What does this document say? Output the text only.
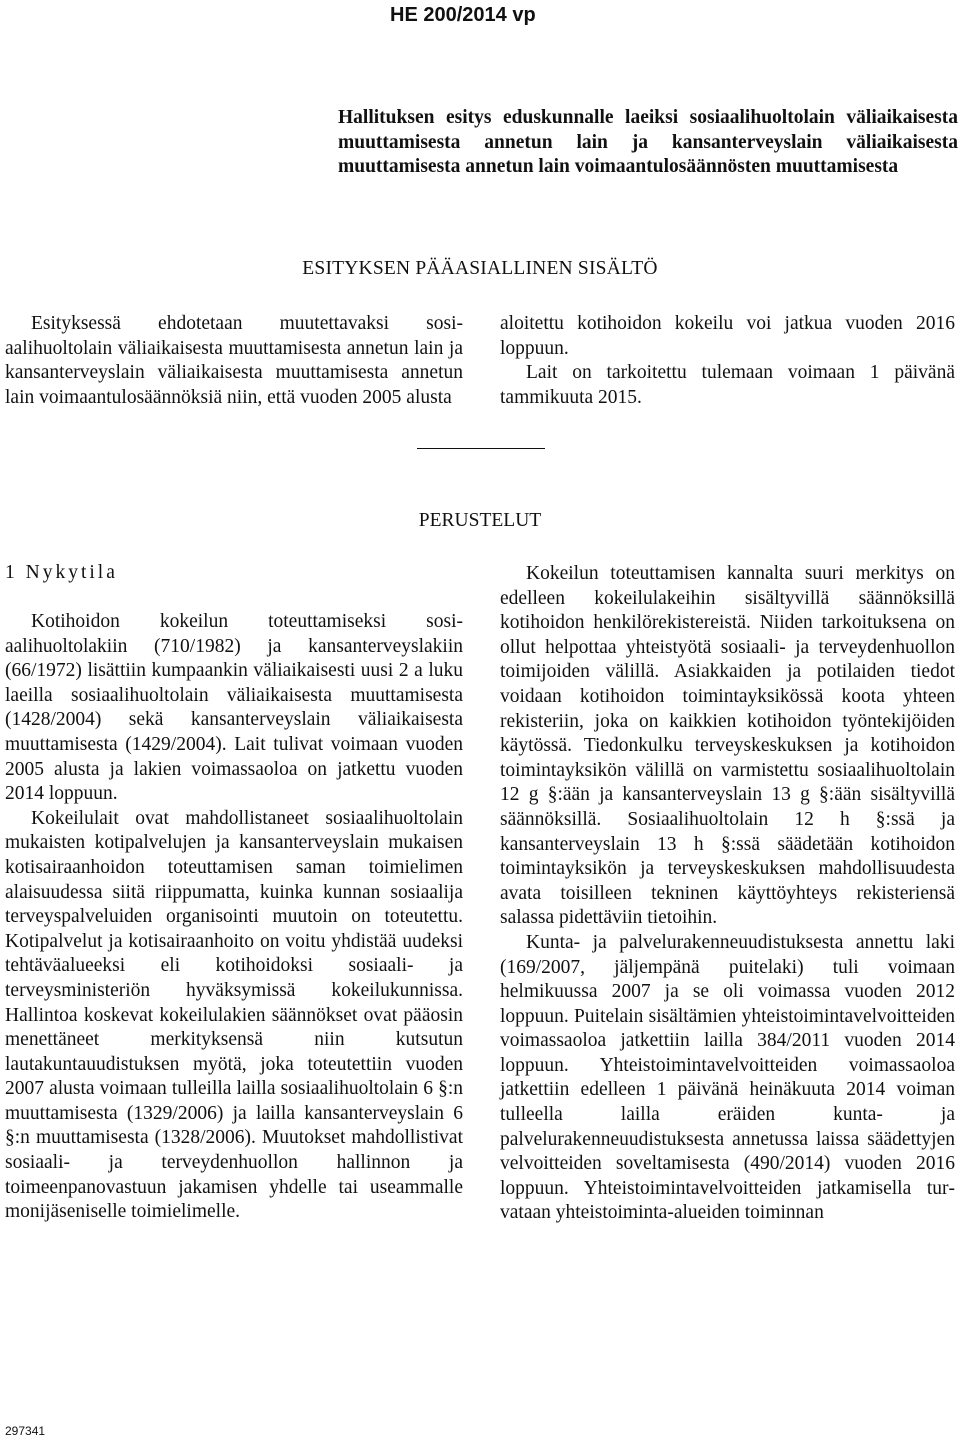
HE 200/2014 vp
Hallituksen esitys eduskunnalle laeiksi sosiaalihuoltolain väliaikaisesta muuttamisesta annetun lain ja kansanterveyslain väliaikaisesta muuttamisesta annetun lain voimaantulosäännösten muuttamisesta
ESITYKSEN PÄÄASIALLINEN SISÄLTÖ

Esityksessä ehdotetaan muutettavaksi sosiaalihuoltolain väliaikaisesta muuttamisesta annetun lain ja kansanterveyslain väliaikaisesta muuttamisesta annetun lain voimaantulosäännöksiä niin, että vuoden 2005 alusta

aloitettu kotihoidon kokeilu voi jatkua vuoden 2016 loppuun.

Lait on tarkoitettu tulemaan voimaan 1 päivänä tammikuuta 2015.

PERUSTELUT
1 Nykytila

Kotihoidon kokeilun toteuttamiseksi sosiaalihuoltolakiin (710/1982) ja kansanterveyslakiin (66/1972) lisättiin kumpaankin väliaikaisesti uusi 2 a luku laeilla sosiaalihuoltolain väliaikaisesta muuttamisesta (1428/2004) sekä kansanterveyslain väliaikaisesta muuttamisesta (1429/2004). Lait tulivat voimaan vuoden 2005 alusta ja lakien voimassaoloa on jatkettu vuoden 2014 loppuun.

Kokeilulait ovat mahdollistaneet sosiaalihuoltolain mukaisten kotipalvelujen ja kansanterveyslain mukaisen kotisairaanhoidon toteuttamisen saman toimielimen alaisuudessa siitä riippumatta, kuinka kunnan sosiaalija terveyspalveluiden organisointi muutoin on toteutettu. Kotipalvelut ja kotisairaanhoito on voitu yhdistää uudeksi tehtäväalueeksi eli kotihoidoksi sosiaali- ja terveysministeriön hyväksymissä kokeilukunnissa. Hallintoa koskevat kokeilulakien säännökset ovat pääosin menettäneet merkityksensä niin kutsutun lautakuntauudistuksen myötä, joka toteutettiin vuoden 2007 alusta voimaan tulleilla lailla sosiaalihuoltolain 6 §:n muuttamisesta (1329/2006) ja lailla kansanterveyslain 6 §:n muuttamisesta (1328/2006). Muutokset mahdollistivat sosiaali- ja terveydenhuollon hallinnon ja toimeenpanovastuun jakamisen yhdelle tai useammalle monijäseniselle toimielimelle.

Kokeilun toteuttamisen kannalta suuri merkitys on edelleen kokeilulakeihin sisältyvillä säännöksillä kotihoidon henkilörekistereistä. Niiden tarkoituksena on ollut helpottaa yhteistyötä sosiaali- ja terveydenhuollon toimijoiden välillä. Asiakkaiden ja potilaiden tiedot voidaan kotihoidon toimintayksikössä koota yhteen rekisteriin, joka on kaikkien kotihoidon työntekijöiden käytössä. Tiedonkulku terveyskeskuksen ja kotihoidon toimintayksikön välillä on varmistettu sosiaalihuoltolain 12 g §:ään ja kansanterveyslain 13 g §:ään sisältyvillä säännöksillä. Sosiaalihuoltolain 12 h §:ssä ja kansanterveyslain 13 h §:ssä säädetään kotihoidon toimintayksikön ja terveyskeskuksen mahdollisuudesta avata toisilleen tekninen käyttöyhteys rekisteriensä salassa pidettäviin tietoihin.

Kunta- ja palvelurakenneuudistuksesta annettu laki (169/2007, jäljempänä puitelaki) tuli voimaan helmikuussa 2007 ja se oli voimassa vuoden 2012 loppuun. Puitelain sisältämien yhteistoimintavelvoitteiden voimassaoloa jatkettiin lailla 384/2011 vuoden 2014 loppuun. Yhteistoimintavelvoitteiden voimassaoloa jatkettiin edelleen 1 päivänä heinäkuuta 2014 voiman tulleella lailla eräiden kunta- ja palvelurakenneuudistuksesta annetussa laissa säädettyjen velvoitteiden soveltamisesta (490/2014) vuoden 2016 loppuun. Yhteistoimintavelvoitteiden jatkamisella turvataan yhteistoiminta-alueiden toiminnan

297341
